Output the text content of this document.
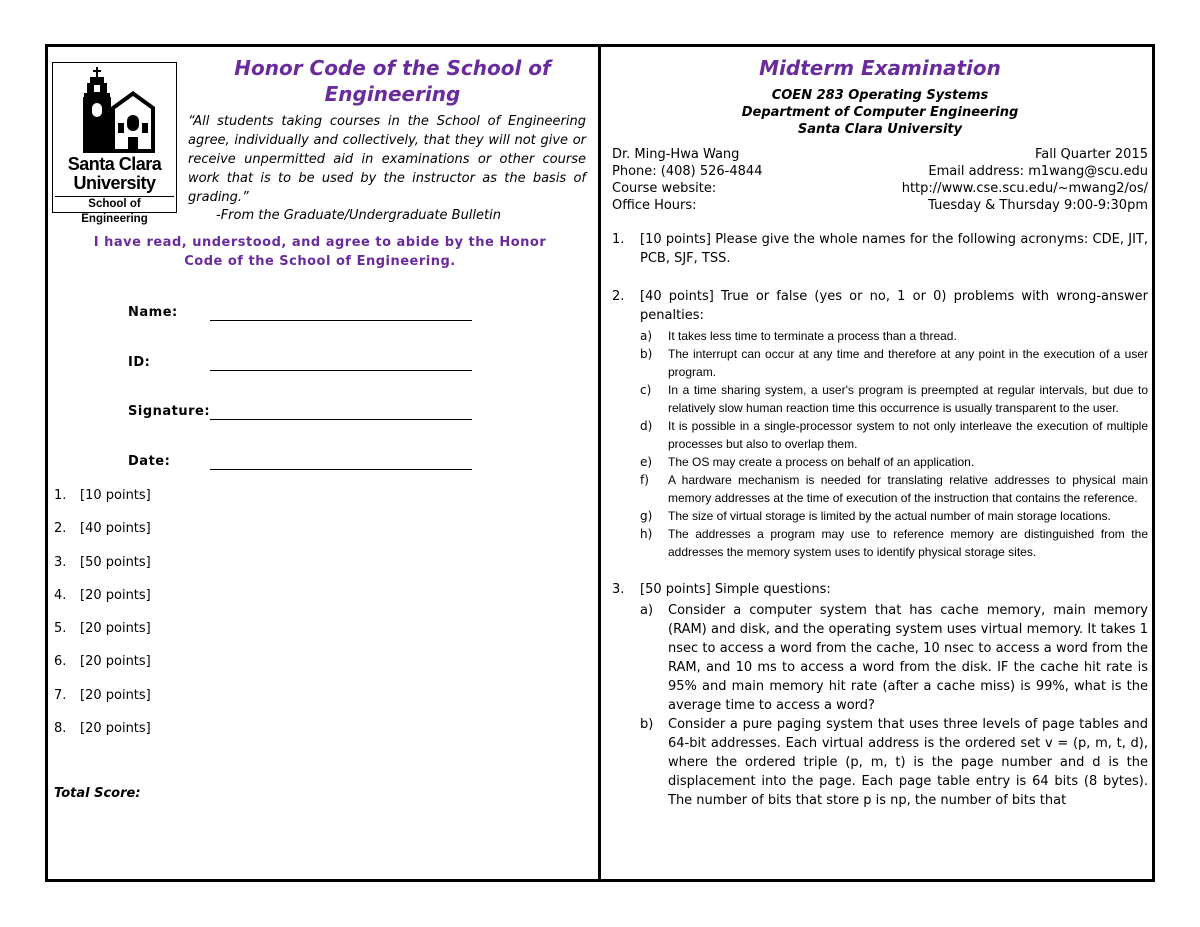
Santa Clara University
School of Engineering
Honor Code of the School of Engineering
“All students taking courses in the School of Engineering agree, individually and collectively, that they will not give or receive unpermitted aid in examinations or other course work that is to be used by the instructor as the basis of grading.”
-From the Graduate/Undergraduate Bulletin
I have read, understood, and agree to abide by the Honor Code of the School of Engineering.
Name:
ID:
Signature:
Date:
1. [10 points]
2. [40 points]
3. [50 points]
4. [20 points]
5. [20 points]
6. [20 points]
7. [20 points]
8. [20 points]
Total Score:
Midterm Examination
COEN 283 Operating Systems
Department of Computer Engineering
Santa Clara University
Dr. Ming-Hwa Wang	Fall Quarter 2015
Phone: (408) 526-4844	Email address: m1wang@scu.edu
Course website:	http://www.cse.scu.edu/~mwang2/os/
Office Hours:	Tuesday & Thursday 9:00-9:30pm
1.	[10 points] Please give the whole names for the following acronyms: CDE, JIT, PCB, SJF, TSS.
2.	[40 points] True or false (yes or no, 1 or 0) problems with wrong-answer penalties:
a)	It takes less time to terminate a process than a thread.
b)	The interrupt can occur at any time and therefore at any point in the execution of a user program.
c)	In a time sharing system, a user's program is preempted at regular intervals, but due to relatively slow human reaction time this occurrence is usually transparent to the user.
d)	It is possible in a single-processor system to not only interleave the execution of multiple processes but also to overlap them.
e)	The OS may create a process on behalf of an application.
f)	A hardware mechanism is needed for translating relative addresses to physical main memory addresses at the time of execution of the instruction that contains the reference.
g)	The size of virtual storage is limited by the actual number of main storage locations.
h)	The addresses a program may use to reference memory are distinguished from the addresses the memory system uses to identify physical storage sites.
3.	[50 points] Simple questions:
a)	Consider a computer system that has cache memory, main memory (RAM) and disk, and the operating system uses virtual memory. It takes 1 nsec to access a word from the cache, 10 nsec to access a word from the RAM, and 10 ms to access a word from the disk. IF the cache hit rate is 95% and main memory hit rate (after a cache miss) is 99%, what is the average time to access a word?
b)	Consider a pure paging system that uses three levels of page tables and 64-bit addresses. Each virtual address is the ordered set v = (p, m, t, d), where the ordered triple (p, m, t) is the page number and d is the displacement into the page. Each page table entry is 64 bits (8 bytes). The number of bits that store p is np, the number of bits that
